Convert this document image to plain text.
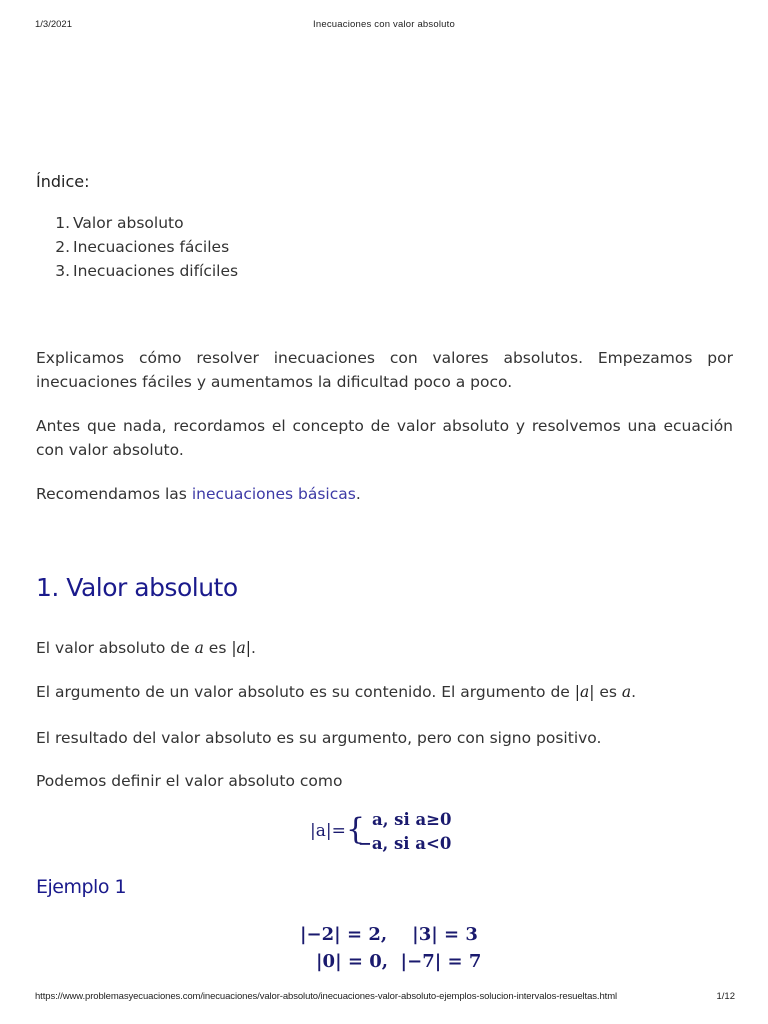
1/3/2021	Inecuaciones con valor absoluto

Índice:

1. Valor absoluto
2. Inecuaciones fáciles
3. Inecuaciones difíciles

Explicamos cómo resolver inecuaciones con valores absolutos. Empezamos por inecuaciones fáciles y aumentamos la dificultad poco a poco.

Antes que nada, recordamos el concepto de valor absoluto y resolvemos una ecuación con valor absoluto.

Recomendamos las inecuaciones básicas.

1. Valor absoluto

El valor absoluto de a es |a|.

El argumento de un valor absoluto es su contenido. El argumento de |a| es a.

El resultado del valor absoluto es su argumento, pero con signo positivo.

Podemos definir el valor absoluto como

|a|= { a, si a≥0
−a, si a<0
Ejemplo 1
|−2| = 2,    |3| = 3
|0| = 0,  |−7| = 7
https://www.problemasyecuaciones.com/inecuaciones/valor-absoluto/inecuaciones-valor-absoluto-ejemplos-solucion-intervalos-resueltas.html	1/12
